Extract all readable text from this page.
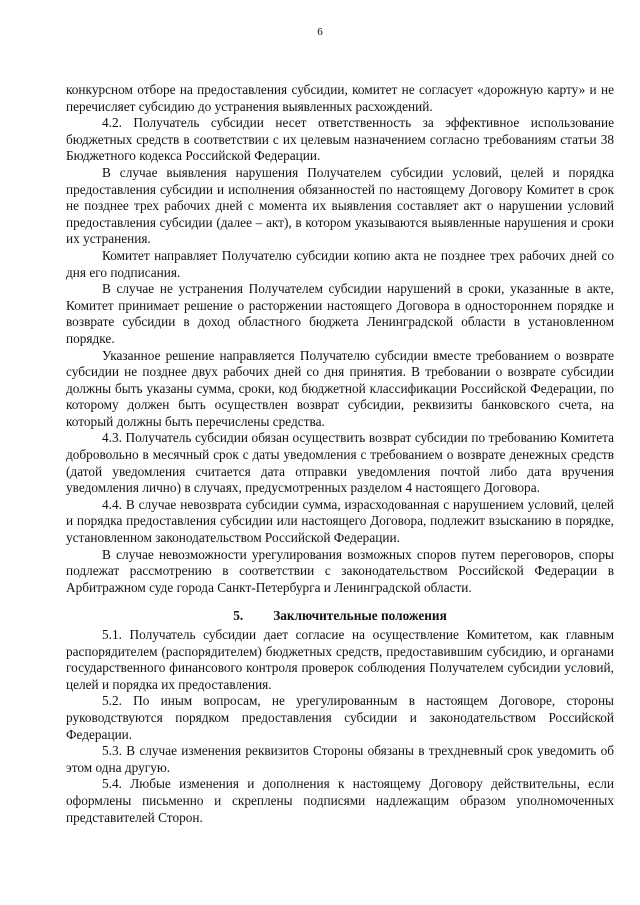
6

конкурсном отборе на предоставления субсидии, комитет не согласует «дорожную карту» и не перечисляет субсидию до устранения выявленных расхождений.

4.2. Получатель субсидии несет ответственность за эффективное использование бюджетных средств в соответствии с их целевым назначением согласно требованиям статьи 38 Бюджетного кодекса Российской Федерации.

В случае выявления нарушения Получателем субсидии условий, целей и порядка предоставления субсидии и исполнения обязанностей по настоящему Договору Комитет в срок не позднее трех рабочих дней с момента их выявления составляет акт о нарушении условий предоставления субсидии (далее – акт), в котором указываются выявленные нарушения и сроки их устранения.

Комитет направляет Получателю субсидии копию акта не позднее трех рабочих дней со дня его подписания.

В случае не устранения Получателем субсидии нарушений в сроки, указанные в акте, Комитет принимает решение о расторжении настоящего Договора в одностороннем порядке и возврате субсидии в доход областного бюджета Ленинградской области в установленном порядке.

Указанное решение направляется Получателю субсидии вместе требованием о возврате субсидии не позднее двух рабочих дней со дня принятия. В требовании о возврате субсидии должны быть указаны сумма, сроки, код бюджетной классификации Российской Федерации, по которому должен быть осуществлен возврат субсидии, реквизиты банковского счета, на который должны быть перечислены средства.

4.3. Получатель субсидии обязан осуществить возврат субсидии по требованию Комитета добровольно в месячный срок с даты уведомления с требованием о возврате денежных средств (датой уведомления считается дата отправки уведомления почтой либо дата вручения уведомления лично) в случаях, предусмотренных разделом 4 настоящего Договора.

4.4. В случае невозврата субсидии сумма, израсходованная с нарушением условий, целей и порядка предоставления субсидии или настоящего Договора, подлежит взысканию в порядке, установленном законодательством Российской Федерации.

В случае невозможности урегулирования возможных споров путем переговоров, споры подлежат рассмотрению в соответствии с законодательством Российской Федерации в Арбитражном суде города Санкт-Петербурга и Ленинградской области.

5. Заключительные положения

5.1. Получатель субсидии дает согласие на осуществление Комитетом, как главным распорядителем (распорядителем) бюджетных средств, предоставившим субсидию, и органами государственного финансового контроля проверок соблюдения Получателем субсидии условий, целей и порядка их предоставления.

5.2. По иным вопросам, не урегулированным в настоящем Договоре, стороны руководствуются порядком предоставления субсидии и законодательством Российской Федерации.

5.3. В случае изменения реквизитов Стороны обязаны в трехдневный срок уведомить об этом одна другую.

5.4. Любые изменения и дополнения к настоящему Договору действительны, если оформлены письменно и скреплены подписями надлежащим образом уполномоченных представителей Сторон.
